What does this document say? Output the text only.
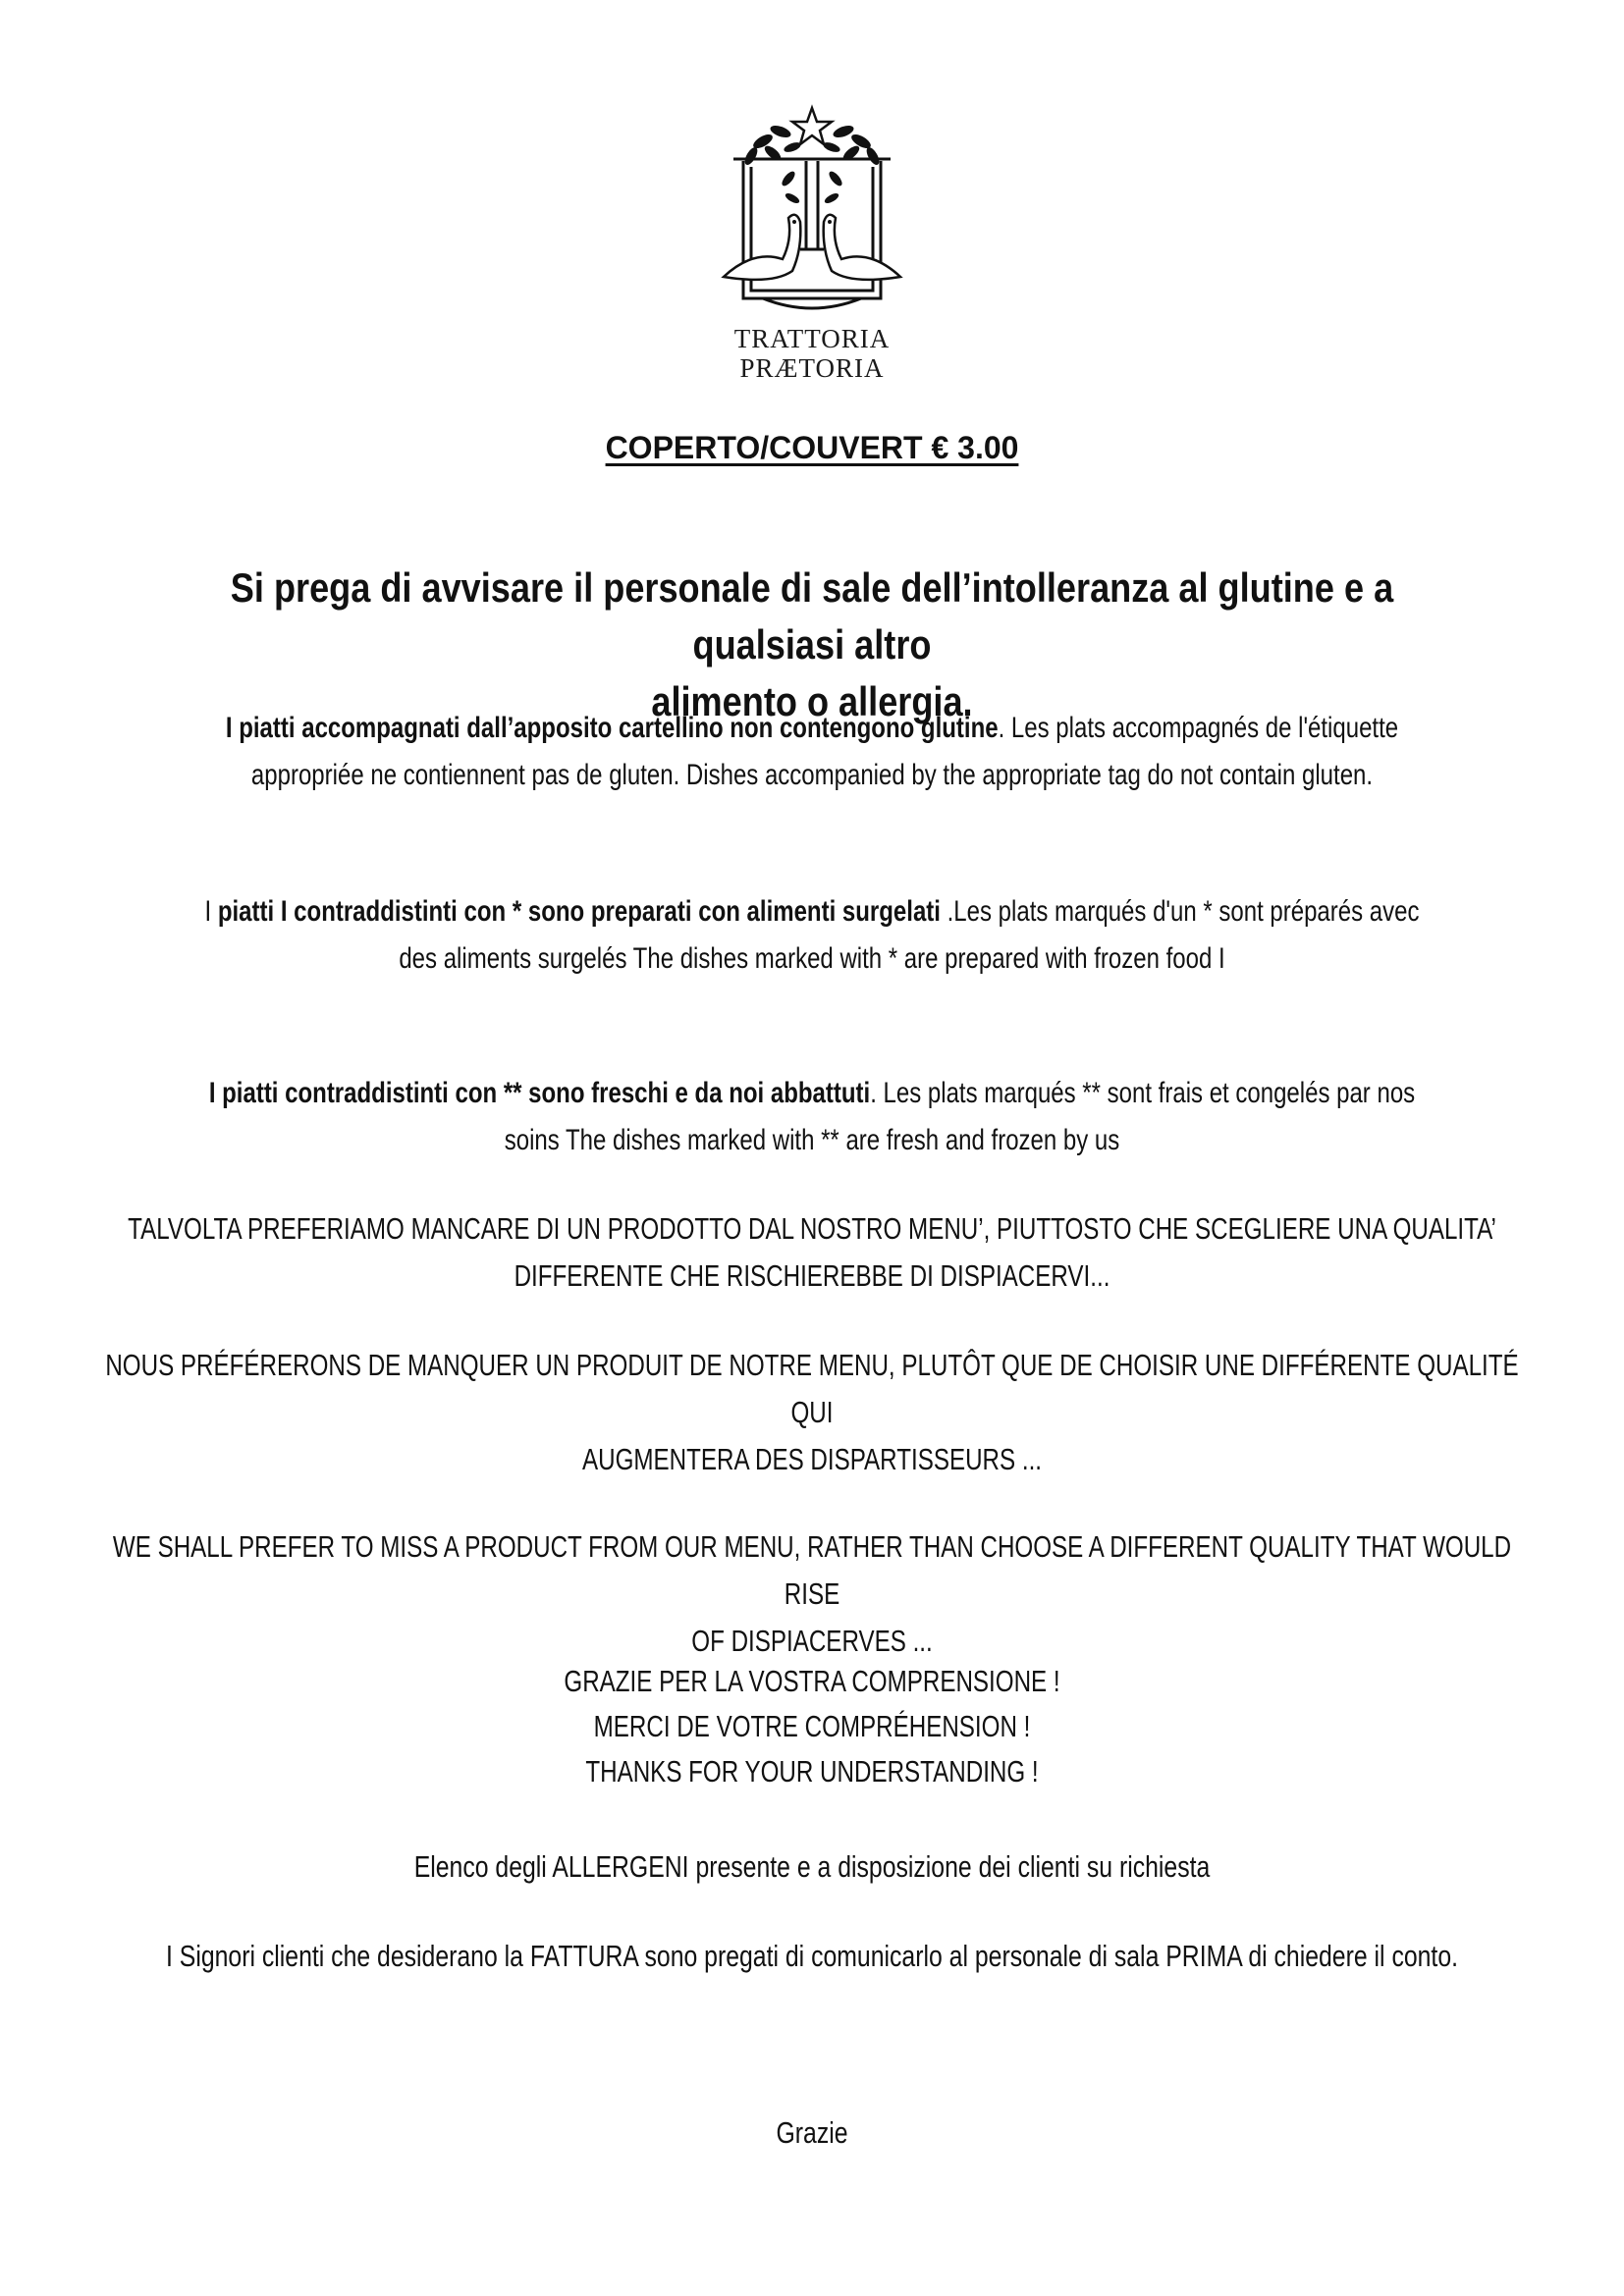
TRATTORIA
PRÆTORIA
COPERTO/COUVERT € 3.00
Si prega di avvisare il personale di sale dell’intolleranza al glutine e a qualsiasi altro
alimento o allergia.
I piatti accompagnati dall’apposito cartellino non contengono glutine. Les plats accompagnés de l'étiquette
appropriée ne contiennent pas de gluten. Dishes accompanied by the appropriate tag do not contain gluten.
I piatti I contraddistinti con * sono preparati con alimenti surgelati .Les plats marqués d'un * sont préparés avec
des aliments surgelés The dishes marked with * are prepared with frozen food I
I piatti contraddistinti con ** sono freschi e da noi abbattuti. Les plats marqués ** sont frais et congelés par nos
soins The dishes marked with ** are fresh and frozen by us
TALVOLTA PREFERIAMO MANCARE DI UN PRODOTTO DAL NOSTRO MENU’, PIUTTOSTO CHE SCEGLIERE UNA QUALITA’
DIFFERENTE CHE RISCHIEREBBE DI DISPIACERVI...
NOUS PRÉFÉRERONS DE MANQUER UN PRODUIT DE NOTRE MENU, PLUTÔT QUE DE CHOISIR UNE DIFFÉRENTE QUALITÉ QUI
AUGMENTERA DES DISPARTISSEURS ...
WE SHALL PREFER TO MISS A PRODUCT FROM OUR MENU, RATHER THAN CHOOSE A DIFFERENT QUALITY THAT WOULD RISE
OF DISPIACERVES ...
GRAZIE PER LA VOSTRA COMPRENSIONE !
MERCI DE VOTRE COMPRÉHENSION !
THANKS FOR YOUR UNDERSTANDING !
Elenco degli ALLERGENI presente e a disposizione dei clienti su richiesta
I Signori clienti che desiderano la FATTURA sono pregati di comunicarlo al personale di sala PRIMA di chiedere il conto.
Grazie
